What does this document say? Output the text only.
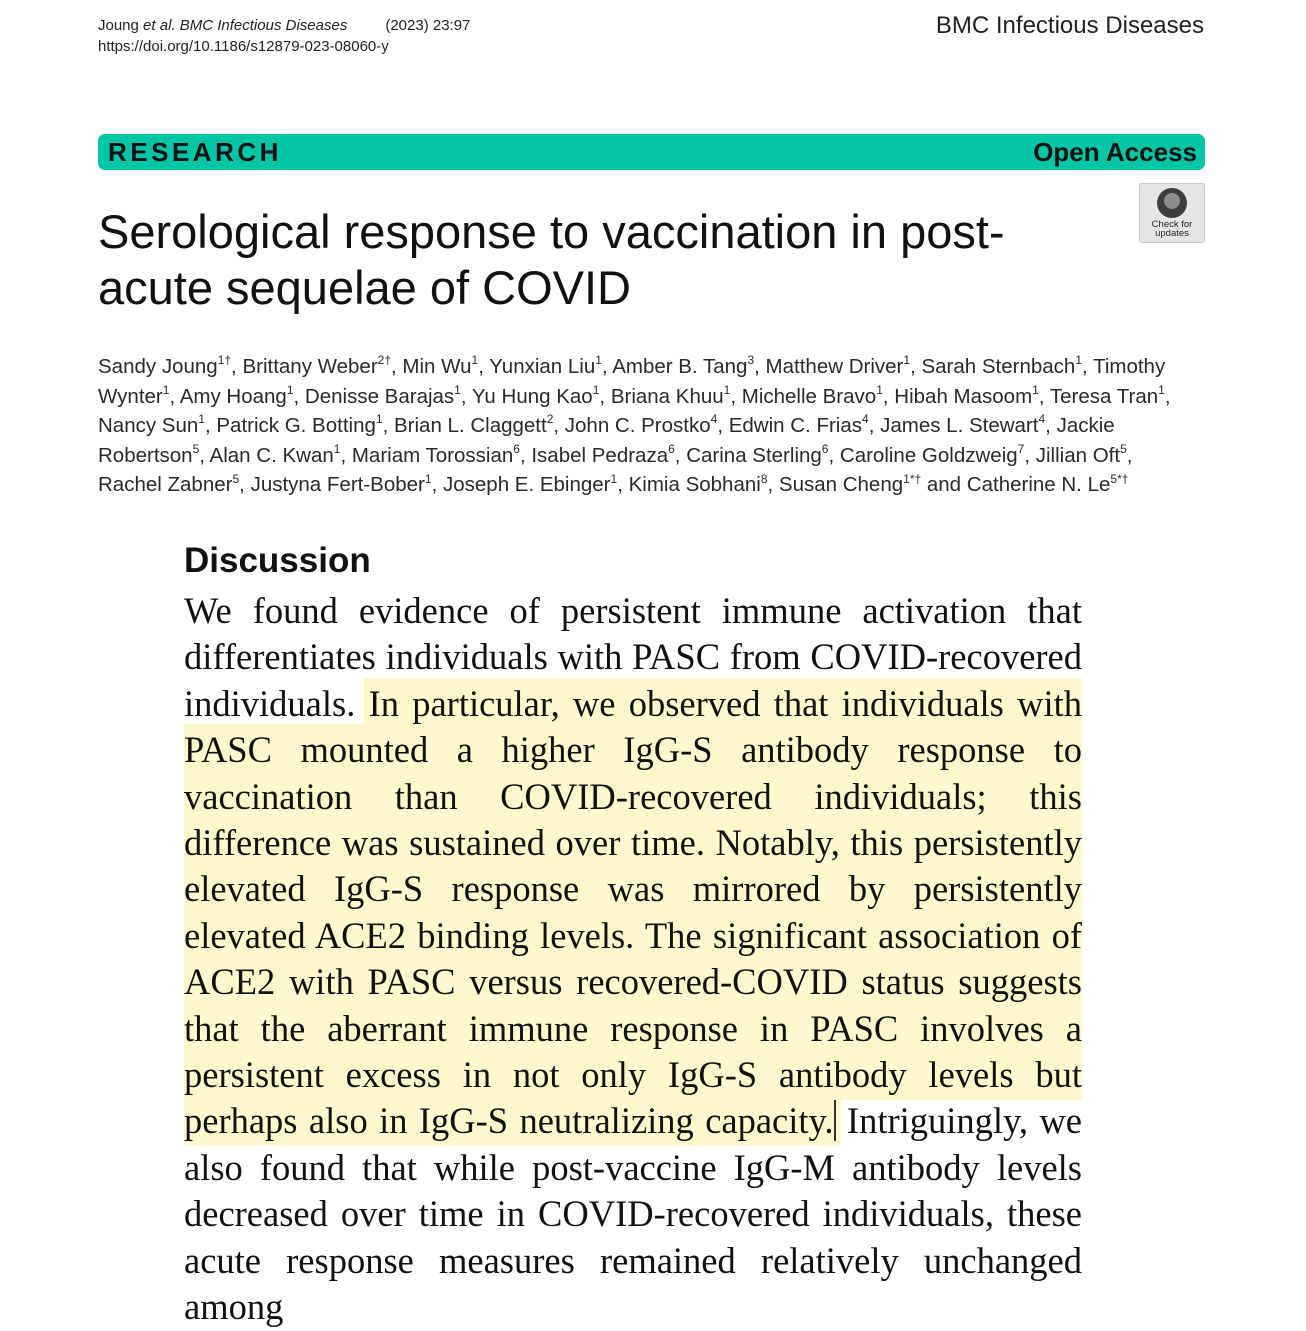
Joung et al. BMC Infectious Diseases	(2023) 23:97
https://doi.org/10.1186/s12879-023-08060-y
BMC Infectious Diseases
RESEARCH	Open Access
Check for
updates
Serological response to vaccination in post-acute sequelae of COVID
Sandy Joung$^{1\dagger}$, Brittany Weber$^{2\dagger}$, Min Wu$^1$, Yunxian Liu$^1$, Amber B. Tang$^3$, Matthew Driver$^1$, Sarah Sternbach$^1$, Timothy Wynter$^1$, Amy Hoang$^1$, Denisse Barajas$^1$, Yu Hung Kao$^1$, Briana Khuu$^1$, Michelle Bravo$^1$, Hibah Masoom$^1$, Teresa Tran$^1$, Nancy Sun$^1$, Patrick G. Botting$^1$, Brian L. Claggett$^2$, John C. Prostko$^4$, Edwin C. Frias$^4$, James L. Stewart$^4$, Jackie Robertson$^5$, Alan C. Kwan$^1$, Mariam Torossian$^6$, Isabel Pedraza$^6$, Carina Sterling$^6$, Caroline Goldzweig$^7$, Jillian Oft$^5$, Rachel Zabner$^5$, Justyna Fert-Bober$^1$, Joseph E. Ebinger$^1$, Kimia Sobhani$^8$, Susan Cheng$^{1*\dagger}$ and Catherine N. $Le^{5*\dagger}$
Discussion

We found evidence of persistent immune activation that differentiates individuals with PASC from COVID-recovered individuals. In particular, we observed that individuals with PASC mounted a higher IgG-S antibody response to vaccination than COVID-recovered individuals; this difference was sustained over time. Notably, this persistently elevated IgG-S response was mirrored by persistently elevated ACE2 binding levels. The significant association of ACE2 with PASC versus recovered-COVID status suggests that the aberrant immune response in PASC involves a persistent excess in not only IgG-S antibody levels but perhaps also in IgG-S neutralizing capacity. Intriguingly, we also found that while post-vaccine IgG-M antibody levels decreased over time in COVID-recovered individuals, these acute response measures remained relatively unchanged among
